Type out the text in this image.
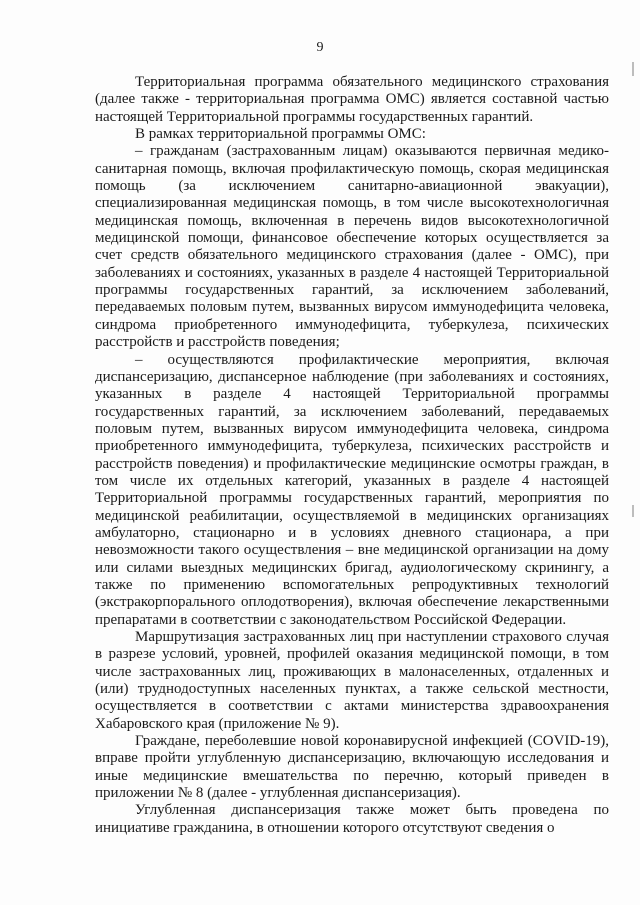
9

Территориальная программа обязательного медицинского страхования (далее также - территориальная программа ОМС) является составной частью настоящей Территориальной программы государственных гарантий.

В рамках территориальной программы ОМС:

– гражданам (застрахованным лицам) оказываются первичная медико-санитарная помощь, включая профилактическую помощь, скорая медицинская помощь (за исключением санитарно-авиационной эвакуации), специализированная медицинская помощь, в том числе высокотехнологичная медицинская помощь, включенная в перечень видов высокотехнологичной медицинской помощи, финансовое обеспечение которых осуществляется за счет средств обязательного медицинского страхования (далее - ОМС), при заболеваниях и состояниях, указанных в разделе 4 настоящей Территориальной программы государственных гарантий, за исключением заболеваний, передаваемых половым путем, вызванных вирусом иммунодефицита человека, синдрома приобретенного иммунодефицита, туберкулеза, психических расстройств и расстройств поведения;

– осуществляются профилактические мероприятия, включая диспансеризацию, диспансерное наблюдение (при заболеваниях и состояниях, указанных в разделе 4 настоящей Территориальной программы государственных гарантий, за исключением заболеваний, передаваемых половым путем, вызванных вирусом иммунодефицита человека, синдрома приобретенного иммунодефицита, туберкулеза, психических расстройств и расстройств поведения) и профилактические медицинские осмотры граждан, в том числе их отдельных категорий, указанных в разделе 4 настоящей Территориальной программы государственных гарантий, мероприятия по медицинской реабилитации, осуществляемой в медицинских организациях амбулаторно, стационарно и в условиях дневного стационара, а при невозможности такого осуществления – вне медицинской организации на дому или силами выездных медицинских бригад, аудиологическому скринингу, а также по применению вспомогательных репродуктивных технологий (экстракорпорального оплодотворения), включая обеспечение лекарственными препаратами в соответствии с законодательством Российской Федерации.

Маршрутизация застрахованных лиц при наступлении страхового случая в разрезе условий, уровней, профилей оказания медицинской помощи, в том числе застрахованных лиц, проживающих в малонаселенных, отдаленных и (или) труднодоступных населенных пунктах, а также сельской местности, осуществляется в соответствии с актами министерства здравоохранения Хабаровского края (приложение № 9).

Граждане, переболевшие новой коронавирусной инфекцией (COVID-19), вправе пройти углубленную диспансеризацию, включающую исследования и иные медицинские вмешательства по перечню, который приведен в приложении № 8 (далее - углубленная диспансеризация).

Углубленная диспансеризация также может быть проведена по инициативе гражданина, в отношении которого отсутствуют сведения о
